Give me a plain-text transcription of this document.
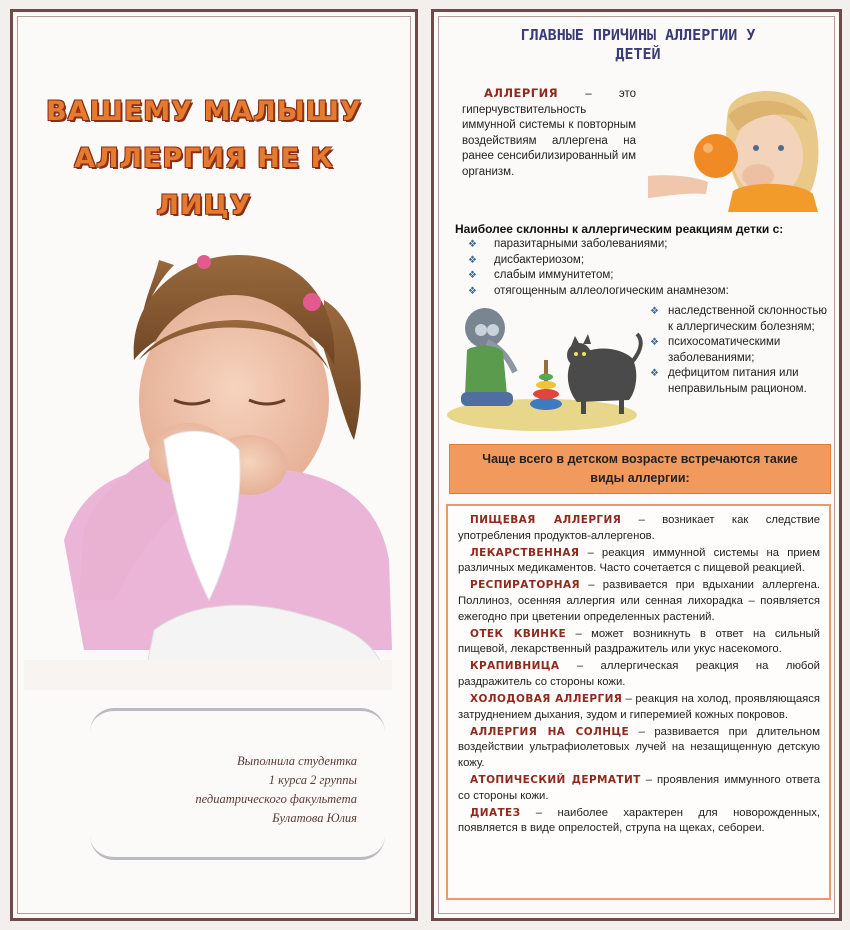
ВАШЕМУ МАЛЫШУ
АЛЛЕРГИЯ НЕ К
ЛИЦУ
Выполнила студентка
1 курса 2 группы
педиатрического факультета
Булатова Юлия
ГЛАВНЫЕ ПРИЧИНЫ АЛЛЕРГИИ У
ДЕТЕЙ
АЛЛЕРГИЯ – это гиперчувствительность иммунной системы к повторным воздействиям аллергена на ранее сенсибилизированный им организм.
Наиболее склонны к аллергическим реакциям детки с:
❖ паразитарными заболеваниями;
❖ дисбактериозом;
❖ слабым иммунитетом;
❖ отягощенным аллеологическим анамнезом:
❖ наследственной склонностью к аллергическим болезням;
❖ психосоматическими заболеваниями;
❖ дефицитом питания или неправильным рационом.
Чаще всего в детском возрасте встречаются такие
виды аллергии:
ПИЩЕВАЯ АЛЛЕРГИЯ – возникает как следствие употребления продуктов-аллергенов.
ЛЕКАРСТВЕННАЯ – реакция иммунной системы на прием различных медикаментов. Часто сочетается с пищевой реакцией.
РЕСПИРАТОРНАЯ – развивается при вдыхании аллергена. Поллиноз, осенняя аллергия или сенная лихорадка – появляется ежегодно при цветении определенных растений.
ОТЕК КВИНКЕ – может возникнуть в ответ на сильный пищевой, лекарственный раздражитель или укус насекомого.
КРАПИВНИЦА – аллергическая реакция на любой раздражитель со стороны кожи.
ХОЛОДОВАЯ АЛЛЕРГИЯ – реакция на холод, проявляющаяся затруднением дыхания, зудом и гиперемией кожных покровов.
АЛЛЕРГИЯ НА СОЛНЦЕ – развивается при длительном воздействии ультрафиолетовых лучей на незащищенную детскую кожу.
АТОПИЧЕСКИЙ ДЕРМАТИТ – проявления иммунного ответа со стороны кожи.
ДИАТЕЗ – наиболее характерен для новорожденных, появляется в виде опрелостей, струпа на щеках, себореи.
